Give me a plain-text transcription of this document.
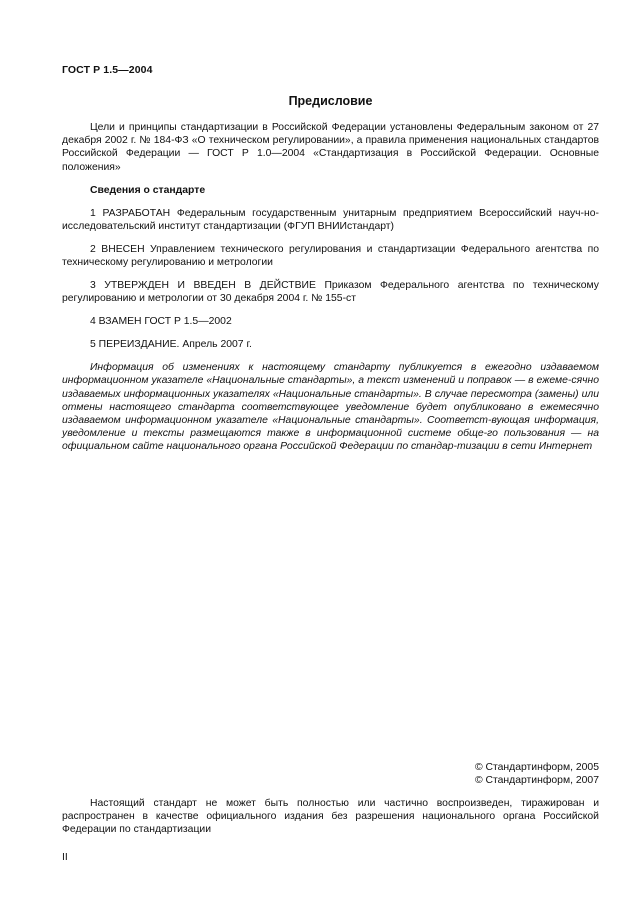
ГОСТ Р 1.5—2004
Предисловие

Цели и принципы стандартизации в Российской Федерации установлены Федеральным законом от 27 декабря 2002 г. № 184-ФЗ «О техническом регулировании», а правила применения национальных стандартов Российской Федерации — ГОСТ Р 1.0—2004 «Стандартизация в Российской Федерации. Основные положения»

Сведения о стандарте

1 РАЗРАБОТАН Федеральным государственным унитарным предприятием Всероссийский науч-но-исследовательский институт стандартизации (ФГУП ВНИИстандарт)

2 ВНЕСЕН Управлением технического регулирования и стандартизации Федерального агентства по техническому регулированию и метрологии

3 УТВЕРЖДЕН И ВВЕДЕН В ДЕЙСТВИЕ Приказом Федерального агентства по техническому регулированию и метрологии от 30 декабря 2004 г. № 155-ст

4 ВЗАМЕН ГОСТ Р 1.5—2002

5 ПЕРЕИЗДАНИЕ. Апрель 2007 г.

Информация об изменениях к настоящему стандарту публикуется в ежегодно издаваемом информационном указателе «Национальные стандарты», а текст изменений и поправок — в ежеме-сячно издаваемых информационных указателях «Национальные стандарты». В случае пересмотра (замены) или отмены настоящего стандарта соответствующее уведомление будет опубликовано в ежемесячно издаваемом информационном указателе «Национальные стандарты». Соответст-вующая информация, уведомление и тексты размещаются также в информационной системе обще-го пользования — на официальном сайте национального органа Российской Федерации по стандар-тизации в сети Интернет

© Стандартинформ, 2005
© Стандартинформ, 2007

Настоящий стандарт не может быть полностью или частично воспроизведен, тиражирован и распространен в качестве официального издания без разрешения национального органа Российской Федерации по стандартизации

II
